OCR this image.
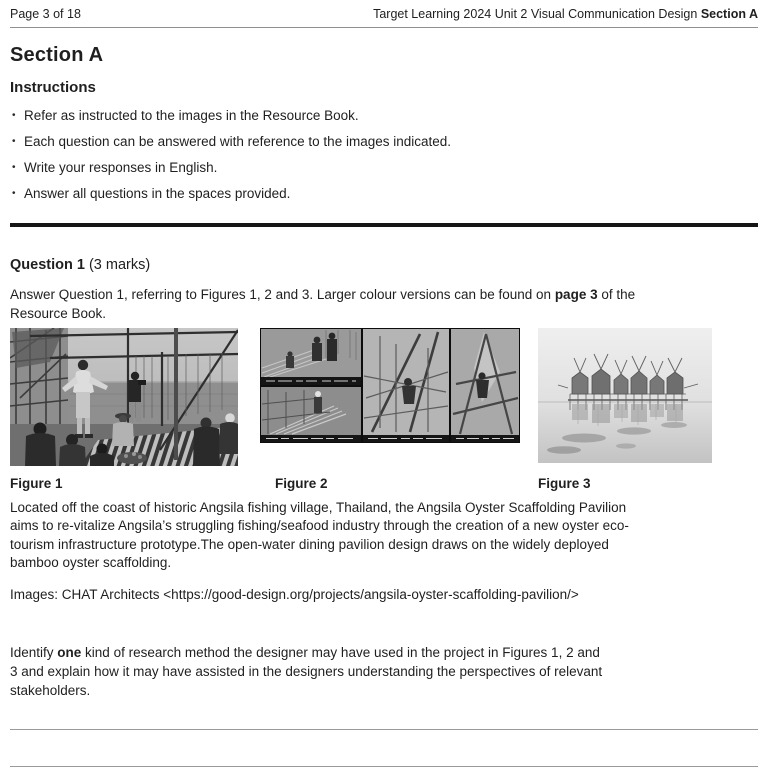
Page 3 of 18	Target Learning 2024 Unit 2 Visual Communication Design Section A
Section A
Instructions
• Refer as instructed to the images in the Resource Book.
• Each question can be answered with reference to the images indicated.
• Write your responses in English.
• Answer all questions in the spaces provided.
Question 1 (3 marks)
Answer Question 1, referring to Figures 1, 2 and 3. Larger colour versions can be found on page 3 of the
Resource Book.
Figure 1	Figure 2	Figure 3
Located off the coast of historic Angsila fishing village, Thailand, the Angsila Oyster Scaffolding Pavilion
aims to re-vitalize Angsila’s struggling fishing/seafood industry through the creation of a new oyster eco-
tourism infrastructure prototype.The open-water dining pavilion design draws on the widely deployed
bamboo oyster scaffolding.
Images: CHAT Architects <https://good-design.org/projects/angsila-oyster-scaffolding-pavilion/>
Identify one kind of research method the designer may have used in the project in Figures 1, 2 and
3 and explain how it may have assisted in the designers understanding the perspectives of relevant
stakeholders.
